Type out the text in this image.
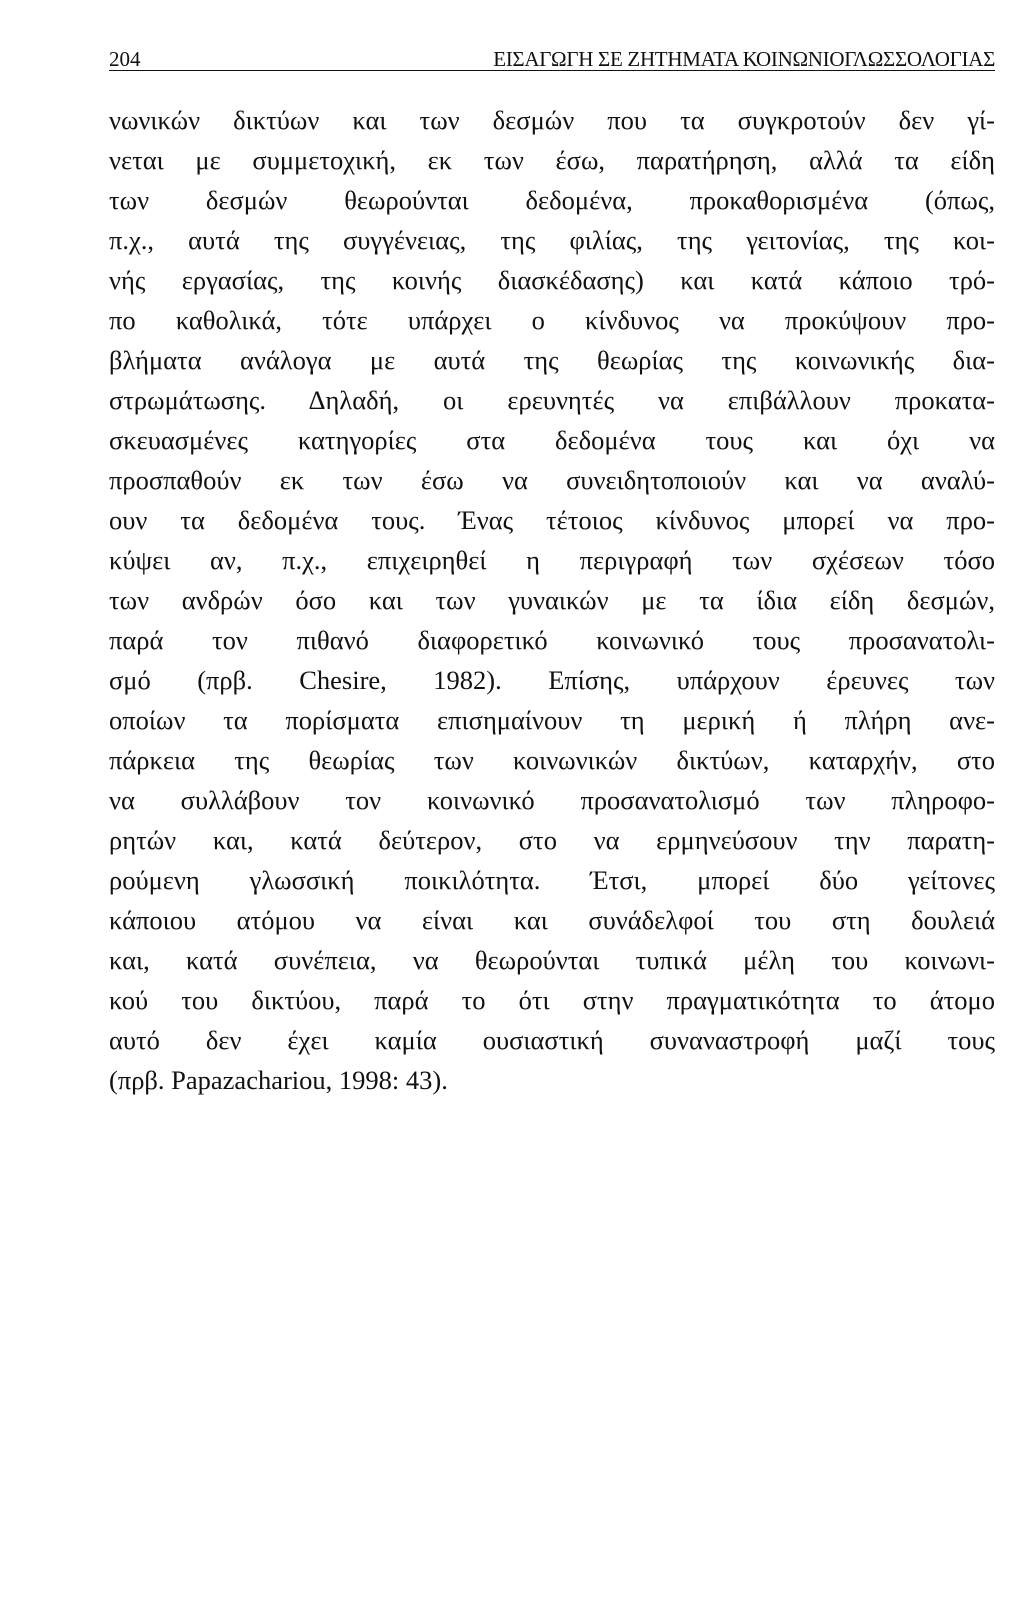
204	ΕΙΣΑΓΩΓΗ ΣΕ ΖΗΤΗΜΑΤΑ ΚΟΙΝΩΝΙΟΓΛΩΣΣΟΛΟΓΙΑΣ
νωνικών δικτύων και των δεσμών που τα συγκροτούν δεν γί-
νεται με συμμετοχική, εκ των έσω, παρατήρηση, αλλά τα είδη
των δεσμών θεωρούνται δεδομένα, προκαθορισμένα (όπως,
π.χ., αυτά της συγγένειας, της φιλίας, της γειτονίας, της κοι-
νής εργασίας, της κοινής διασκέδασης) και κατά κάποιο τρό-
πο καθολικά, τότε υπάρχει ο κίνδυνος να προκύψουν προ-
βλήματα ανάλογα με αυτά της θεωρίας της κοινωνικής δια-
στρωμάτωσης. Δηλαδή, οι ερευνητές να επιβάλλουν προκατα-
σκευασμένες κατηγορίες στα δεδομένα τους και όχι να
προσπαθούν εκ των έσω να συνειδητοποιούν και να αναλύ-
ουν τα δεδομένα τους. Ένας τέτοιος κίνδυνος μπορεί να προ-
κύψει αν, π.χ., επιχειρηθεί η περιγραφή των σχέσεων τόσο
των ανδρών όσο και των γυναικών με τα ίδια είδη δεσμών,
παρά τον πιθανό διαφορετικό κοινωνικό τους προσανατολι-
σμό (πρβ. Chesire, 1982). Επίσης, υπάρχουν έρευνες των
οποίων τα πορίσματα επισημαίνουν τη μερική ή πλήρη ανε-
πάρκεια της θεωρίας των κοινωνικών δικτύων, καταρχήν, στο
να συλλάβουν τον κοινωνικό προσανατολισμό των πληροφο-
ρητών και, κατά δεύτερον, στο να ερμηνεύσουν την παρατη-
ρούμενη γλωσσική ποικιλότητα. Έτσι, μπορεί δύο γείτονες
κάποιου ατόμου να είναι και συνάδελφοί του στη δουλειά
και, κατά συνέπεια, να θεωρούνται τυπικά μέλη του κοινωνι-
κού του δικτύου, παρά το ότι στην πραγματικότητα το άτομο
αυτό δεν έχει καμία ουσιαστική συναναστροφή μαζί τους
(πρβ. Papazachariou, 1998: 43).
